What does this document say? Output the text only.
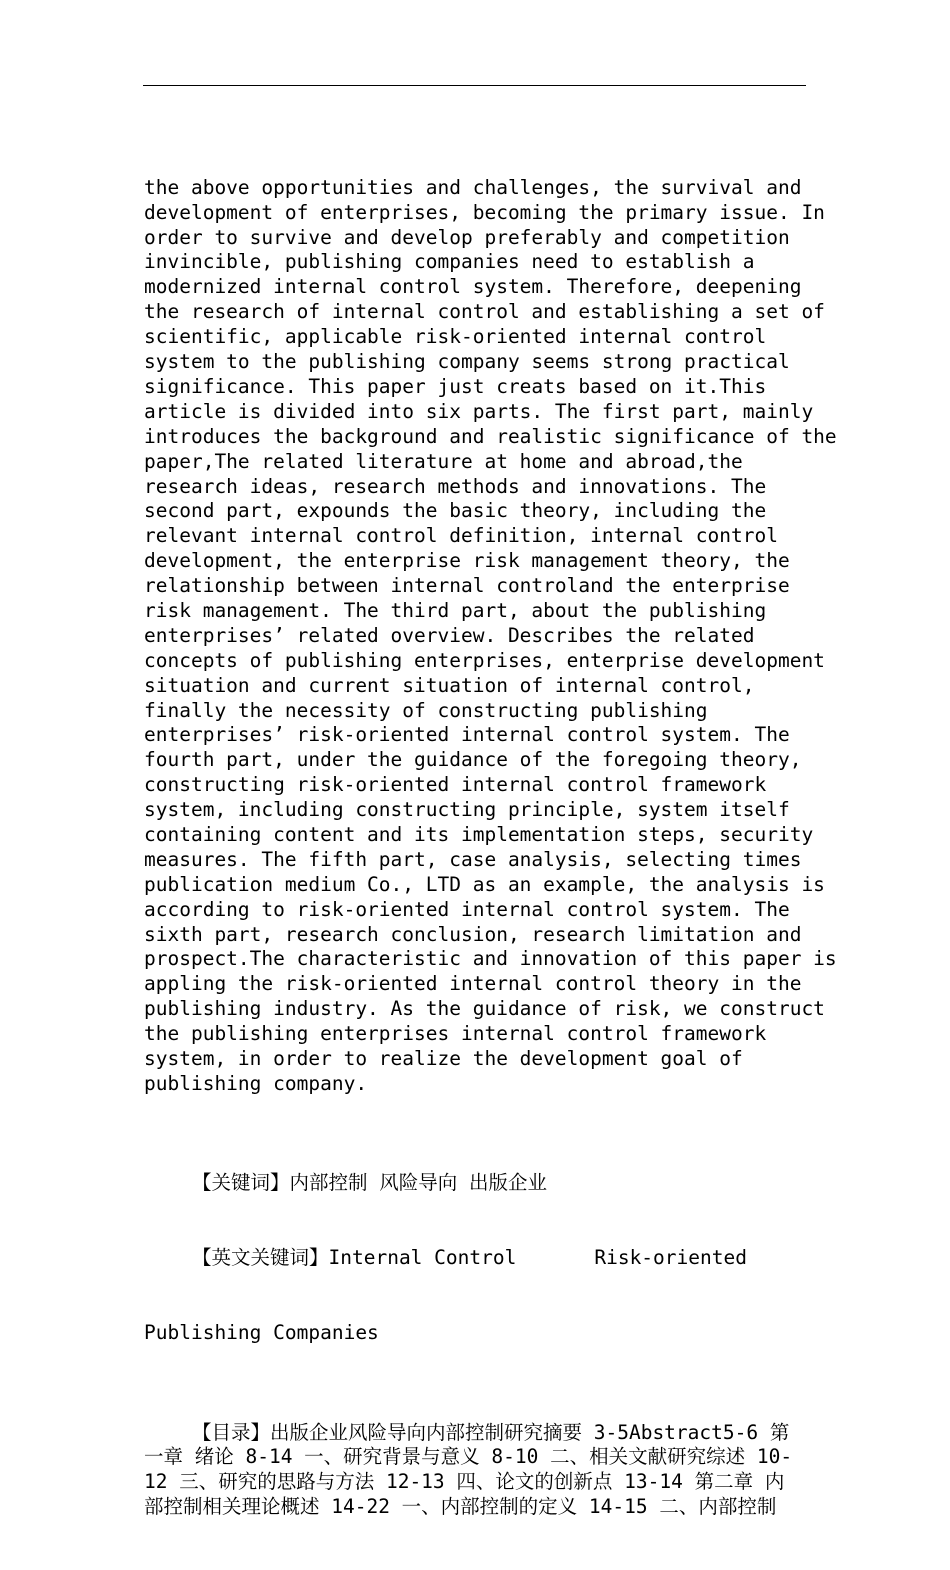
the above opportunities and challenges, the survival and
development of enterprises, becoming the primary issue. In
order to survive and develop preferably and competition
invincible, publishing companies need to establish a
modernized internal control system. Therefore, deepening
the research of internal control and establishing a set of
scientific, applicable risk-oriented internal control
system to the publishing company seems strong practical
significance. This paper just creats based on it.This
article is divided into six parts. The first part, mainly
introduces the background and realistic significance of the
paper,The related literature at home and abroad,the
research ideas, research methods and innovations. The
second part, expounds the basic theory, including the
relevant internal control definition, internal control
development, the enterprise risk management theory, the
relationship between internal controland the enterprise
risk management. The third part, about the publishing
enterprises’ related overview. Describes the related
concepts of publishing enterprises, enterprise development
situation and current situation of internal control,
finally the necessity of constructing publishing
enterprises’ risk-oriented internal control system. The
fourth part, under the guidance of the foregoing theory,
constructing risk-oriented internal control framework
system, including constructing principle, system itself
containing content and its implementation steps, security
measures. The fifth part, case analysis, selecting times
publication medium Co., LTD as an example, the analysis is
according to risk-oriented internal control system. The
sixth part, research conclusion, research limitation and
prospect.The characteristic and innovation of this paper is
appling the risk-oriented internal control theory in the
publishing industry. As the guidance of risk, we construct
the publishing enterprises internal control framework
system, in order to realize the development goal of
publishing company.

【关键词】内部控制 风险导向 出版企业

【英文关键词】Internal Control	Risk-oriented

Publishing Companies

【目录】出版企业风险导向内部控制研究摘要 3-5Abstract5-6 第
一章 绪论 8-14 一、研究背景与意义 8-10 二、相关文献研究综述 10-
12 三、研究的思路与方法 12-13 四、论文的创新点 13-14 第二章 内
部控制相关理论概述 14-22 一、内部控制的定义 14-15 二、内部控制
